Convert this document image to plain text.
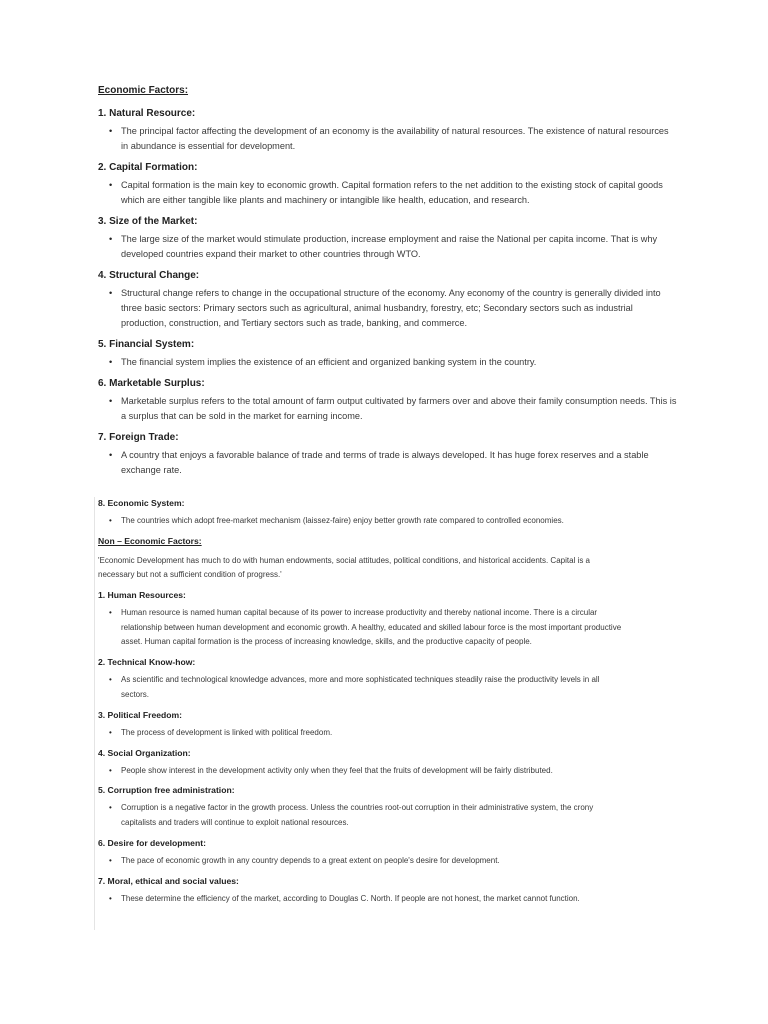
Economic Factors:
1. Natural Resource:
• The principal factor affecting the development of an economy is the availability of natural resources. The existence of natural resources in abundance is essential for development.
2. Capital Formation:
• Capital formation is the main key to economic growth. Capital formation refers to the net addition to the existing stock of capital goods which are either tangible like plants and machinery or intangible like health, education, and research.
3. Size of the Market:
• The large size of the market would stimulate production, increase employment and raise the National per capita income. That is why developed countries expand their market to other countries through WTO.
4. Structural Change:
• Structural change refers to change in the occupational structure of the economy. Any economy of the country is generally divided into three basic sectors: Primary sectors such as agricultural, animal husbandry, forestry, etc; Secondary sectors such as industrial production, construction, and Tertiary sectors such as trade, banking, and commerce.
5. Financial System:
• The financial system implies the existence of an efficient and organized banking system in the country.
6. Marketable Surplus:
• Marketable surplus refers to the total amount of farm output cultivated by farmers over and above their family consumption needs. This is a surplus that can be sold in the market for earning income.
7. Foreign Trade:
• A country that enjoys a favorable balance of trade and terms of trade is always developed. It has huge forex reserves and a stable exchange rate.
8. Economic System:
• The countries which adopt free-market mechanism (laissez-faire) enjoy better growth rate compared to controlled economies.
Non – Economic Factors:

'Economic Development has much to do with human endowments, social attitudes, political conditions, and historical accidents. Capital is a necessary but not a sufficient condition of progress.'

1. Human Resources:
• Human resource is named human capital because of its power to increase productivity and thereby national income. There is a circular relationship between human development and economic growth. A healthy, educated and skilled labour force is the most important productive asset. Human capital formation is the process of increasing knowledge, skills, and the productive capacity of people.
2. Technical Know-how:
• As scientific and technological knowledge advances, more and more sophisticated techniques steadily raise the productivity levels in all sectors.
3. Political Freedom:
• The process of development is linked with political freedom.
4. Social Organization:
• People show interest in the development activity only when they feel that the fruits of development will be fairly distributed.
5. Corruption free administration:
• Corruption is a negative factor in the growth process. Unless the countries root-out corruption in their administrative system, the crony capitalists and traders will continue to exploit national resources.
6. Desire for development:
• The pace of economic growth in any country depends to a great extent on people's desire for development.
7. Moral, ethical and social values:
• These determine the efficiency of the market, according to Douglas C. North. If people are not honest, the market cannot function.
